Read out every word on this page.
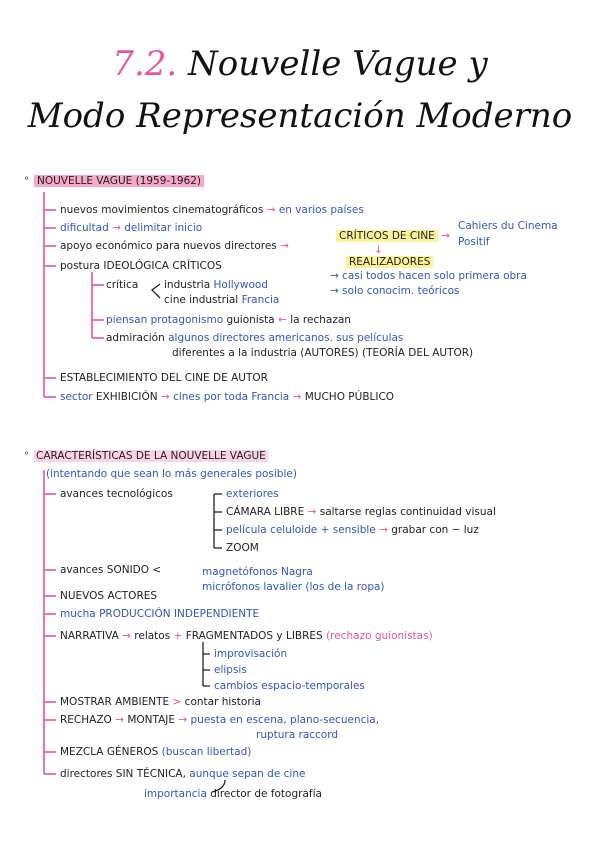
7.2. Nouvelle Vague y
Modo Representación Moderno
° NOUVELLE VAGUE (1959-1962)
nuevos movimientos cinematográficos → en varios países
dificultad → delimitar inicio
apoyo económico para nuevos directores →
CRÍTICOS DE CINE →
Cahiers du Cinema
Positif
↓
REALIZADORES
postura IDEOLÓGICA CRÍTICOS
crítica industria Hollywood
cine industrial Francia
→ casi todos hacen solo primera obra
→ solo conocim. teóricos
piensan protagonismo guionista ← la rechazan
admiración algunos directores americanos. sus películas
diferentes a la industria (AUTORES) (TEORÍA DEL AUTOR)
ESTABLECIMIENTO DEL CINE DE AUTOR
sector EXHIBICIÓN → cines por toda Francia → MUCHO PÚBLICO
° CARACTERÍSTICAS DE LA NOUVELLE VAGUE
(intentando que sean lo más generales posible)
avances tecnológicos	exteriores
CÁMARA LIBRE → saltarse reglas continuidad visual
película celuloide + sensible → grabar con − luz
ZOOM
avances SONIDO <	magnetófonos Nagra
micrófonos lavalier (los de la ropa)
NUEVOS ACTORES
mucha PRODUCCIÓN INDEPENDIENTE
NARRATIVA → relatos + FRAGMENTADOS y LIBRES (rechazo guionistas)
improvisación
elipsis
cambios espacio-temporales
MOSTRAR AMBIENTE > contar historia
RECHAZO → MONTAJE → puesta en escena, plano-secuencia,
ruptura raccord
MEZCLA GÉNEROS (buscan libertad)
directores SIN TÉCNICA, aunque sepan de cine
importancia director de fotografía
